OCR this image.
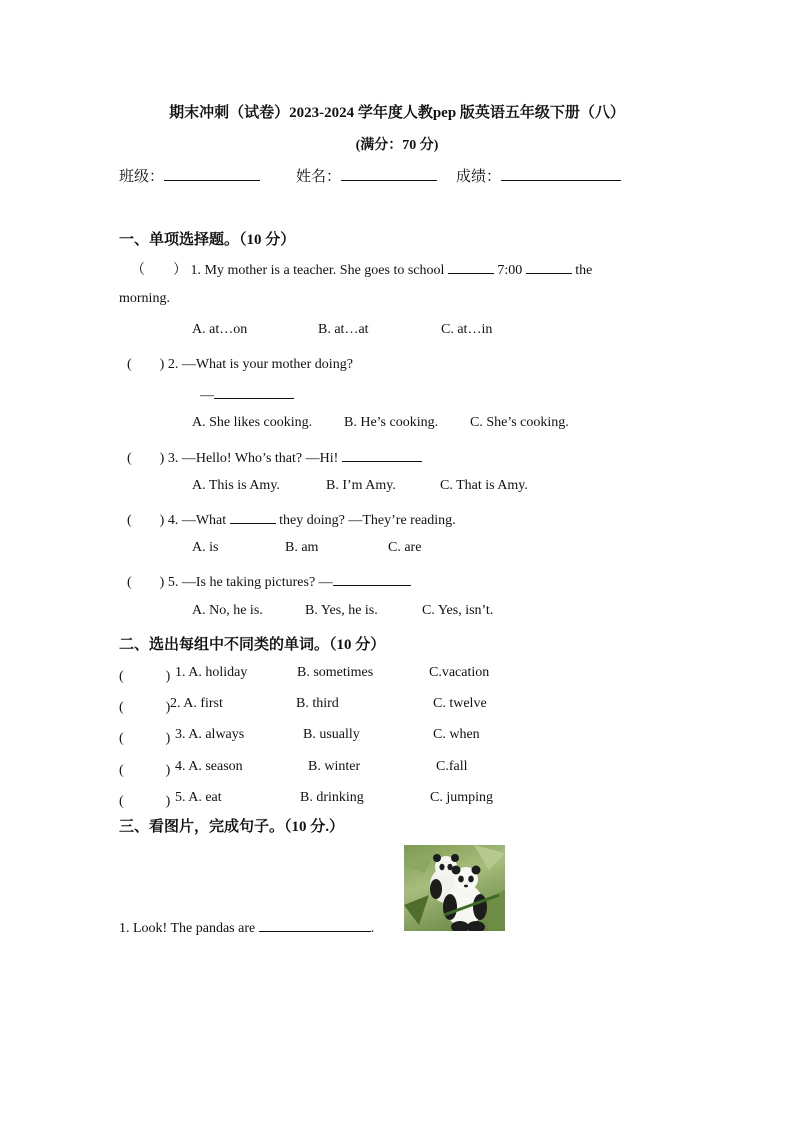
期末冲刺（试卷）2023-2024 学年度人教pep 版英语五年级下册（八）
(满分：70 分)
班级：	姓名：	成绩：
一、单项选择题。（10 分）
（　　） 1. My mother is a teacher. She goes to school	7:00	the
morning.
A. at…on	B. at…at	C. at…in
(　　) 2. —What is your mother doing?
—
A. She likes cooking. B. He’s cooking. C. She’s cooking.
(　　) 3. —Hello! Who’s that? —Hi!
A. This is Amy.	B. I’m Amy.	C. That is Amy.
(　　) 4. —What	they doing? —They’re reading.
A. is	B. am	C. are
(　　) 5. —Is he taking pictures? —
A. No, he is.	B. Yes, he is.	C. Yes, isn’t.
二、选出每组中不同类的单词。（10 分）
(　　　) 1. A. holiday	B. sometimes	C.vacation
(　　　) 2. A. first	B. third	C. twelve
(　　　) 3. A. always	B. usually	C. when
(　　　) 4. A. season	B. winter	C.fall
(　　　) 5. A. eat	B. drinking	C. jumping
三、看图片，完成句子。（10 分.）
1. Look! The pandas are	.
